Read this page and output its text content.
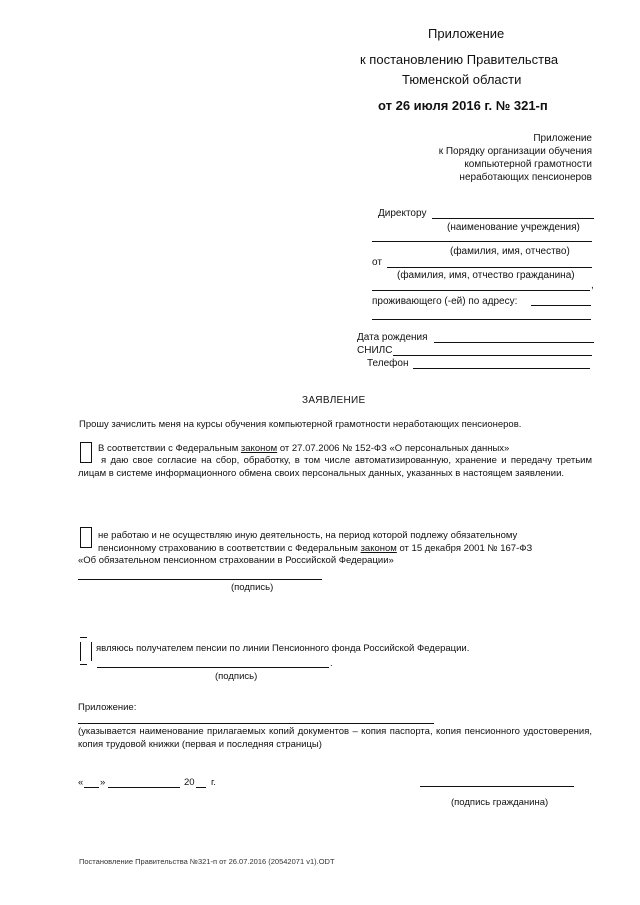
Приложение
к постановлению Правительства
Тюменской области
от 26 июля 2016 г. № 321-п
Приложение
к Порядку организации обучения
компьютерной грамотности
неработающих пенсионеров
Директору
(наименование учреждения)
(фамилия, имя, отчество)
от
(фамилия, имя, отчество гражданина)
,
проживающего (-ей) по адресу:
Дата рождения
СНИЛС
Телефон
ЗАЯВЛЕНИЕ
Прошу зачислить меня на курсы обучения компьютерной грамотности неработающих пенсионеров.
В соответствии с Федеральным законом от 27.07.2006 № 152-ФЗ «О персональных данных»
я даю свое согласие на сбор, обработку, в том числе автоматизированную, хранение и передачу третьим лицам в системе информационного обмена своих персональных данных, указанных в настоящем заявлении.
не работаю и не осуществляю иную деятельность, на период которой подлежу обязательному
пенсионному страхованию в соответствии с Федеральным законом от 15 декабря 2001 № 167-ФЗ
«Об обязательном пенсионном страховании в Российской Федерации»
(подпись)
являюсь получателем пенсии по линии Пенсионного фонда Российской Федерации.
.
(подпись)
Приложение:
(указывается наименование прилагаемых копий документов – копия паспорта, копия пенсионного удостоверения, копия трудовой книжки (первая и последняя страницы)
« »	20 г.
(подпись гражданина)
Постановление Правительства №321-п от 26.07.2016 (20542071 v1).ODT
